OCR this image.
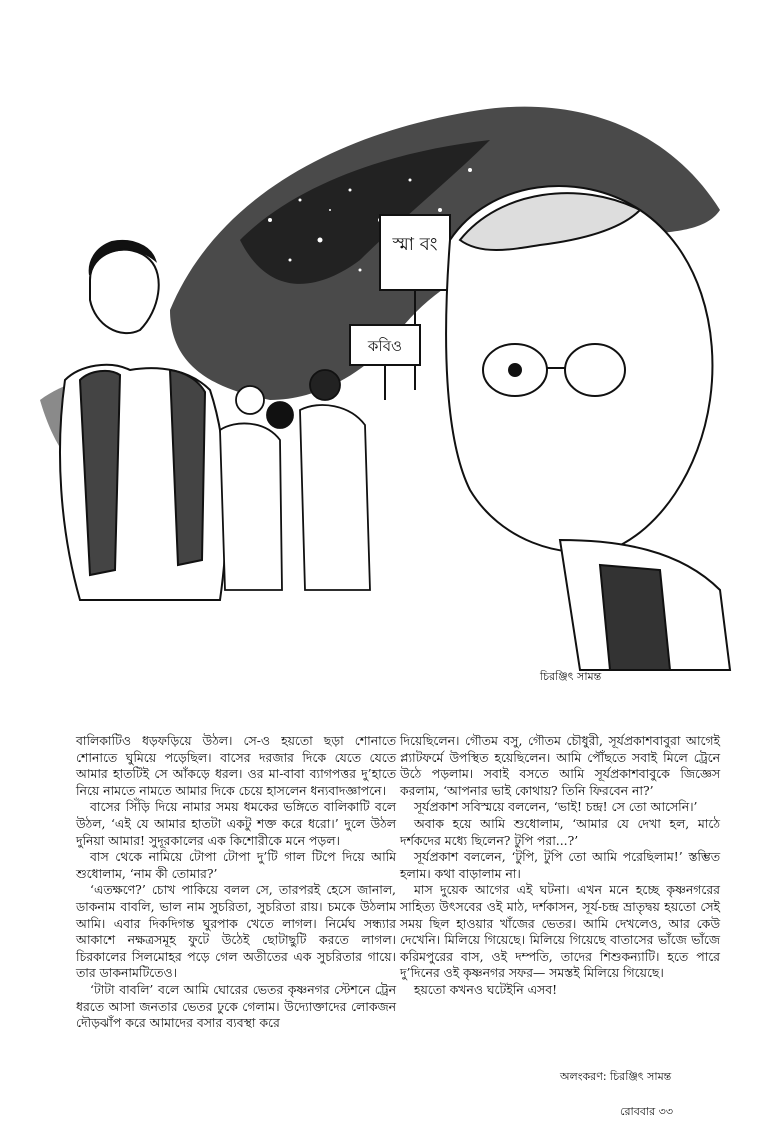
স্মা বং
কবিও
চিরঞ্জিৎ সামন্ত

বালিকাটিও ধড়ফড়িয়ে উঠল। সে-ও হয়তো ছড়া শোনাতে শোনাতে ঘুমিয়ে পড়েছিল। বাসের দরজার দিকে যেতে যেতে আমার হাতটিই সে আঁকড়ে ধরল। ওর মা-বাবা ব্যাগপত্তর দু’হাতে নিয়ে নামতে নামতে আমার দিকে চেয়ে হাসলেন ধন্যবাদজ্ঞাপনে।

বাসের সিঁড়ি দিয়ে নামার সময় ধমকের ভঙ্গিতে বালিকাটি বলে উঠল, ‘এই যে আমার হাতটা একটু শক্ত করে ধরো।’ দুলে উঠল দুনিয়া আমার! সুদূরকালের এক কিশোরীকে মনে পড়ল।

বাস থেকে নামিয়ে টোপা টোপা দু’টি গাল টিপে দিয়ে আমি শুধোলাম, ‘নাম কী তোমার?’

‘এতক্ষণে?’ চোখ পাকিয়ে বলল সে, তারপরই হেসে জানাল, ডাকনাম বাবলি, ভাল নাম সুচরিতা, সুচরিতা রায়। চমকে উঠলাম আমি। এবার দিকদিগন্ত ঘুরপাক খেতে লাগল। নির্মেঘ সন্ধ্যার আকাশে নক্ষত্রসমূহ ফুটে উঠেই ছোটাছুটি করতে লাগল। চিরকালের সিলমোহর পড়ে গেল অতীতের এক সুচরিতার গায়ে। তার ডাকনামটিতেও।

‘টাটা বাবলি’ বলে আমি ঘোরের ভেতর কৃষ্ণনগর স্টেশনে ট্রেন ধরতে আসা জনতার ভেতর ঢুকে গেলাম। উদ্যোক্তাদের লোকজন দৌড়ঝাঁপ করে আমাদের বসার ব্যবস্থা করে

দিয়েছিলেন। গৌতম বসু, গৌতম চৌধুরী, সূর্যপ্রকাশবাবুরা আগেই প্ল্যাটফর্মে উপস্থিত হয়েছিলেন। আমি পৌঁছতে সবাই মিলে ট্রেনে উঠে পড়লাম। সবাই বসতে আমি সূর্যপ্রকাশবাবুকে জিজ্ঞেস করলাম, ‘আপনার ভাই কোথায়? তিনি ফিরবেন না?’

সূর্যপ্রকাশ সবিস্ময়ে বললেন, ‘ভাই! চন্দ্র! সে তো আসেনি।’

অবাক হয়ে আমি শুধোলাম, ‘আমার যে দেখা হল, মাঠে দর্শকদের মধ্যে ছিলেন? টুপি পরা...?’

সূর্যপ্রকাশ বললেন, ‘টুপি, টুপি তো আমি পরেছিলাম!’ স্তম্ভিত হলাম। কথা বাড়ালাম না।

মাস দুয়েক আগের এই ঘটনা। এখন মনে হচ্ছে কৃষ্ণনগরের সাহিত্য উৎসবের ওই মাঠ, দর্শকাসন, সূর্য-চন্দ্র ভ্রাতৃদ্বয় হয়তো সেই সময় ছিল হাওয়ার খাঁজের ভেতর। আমি দেখলেও, আর কেউ দেখেনি। মিলিয়ে গিয়েছে। মিলিয়ে গিয়েছে বাতাসের ভাঁজে ভাঁজে করিমপুরের বাস, ওই দম্পতি, তাদের শিশুকন্যাটি। হতে পারে দু’দিনের ওই কৃষ্ণনগর সফর— সমস্তই মিলিয়ে গিয়েছে।

হয়তো কখনও ঘটেইনি এসব!

অলংকরণ: চিরঞ্জিৎ সামন্ত
রোববার ৩৩
